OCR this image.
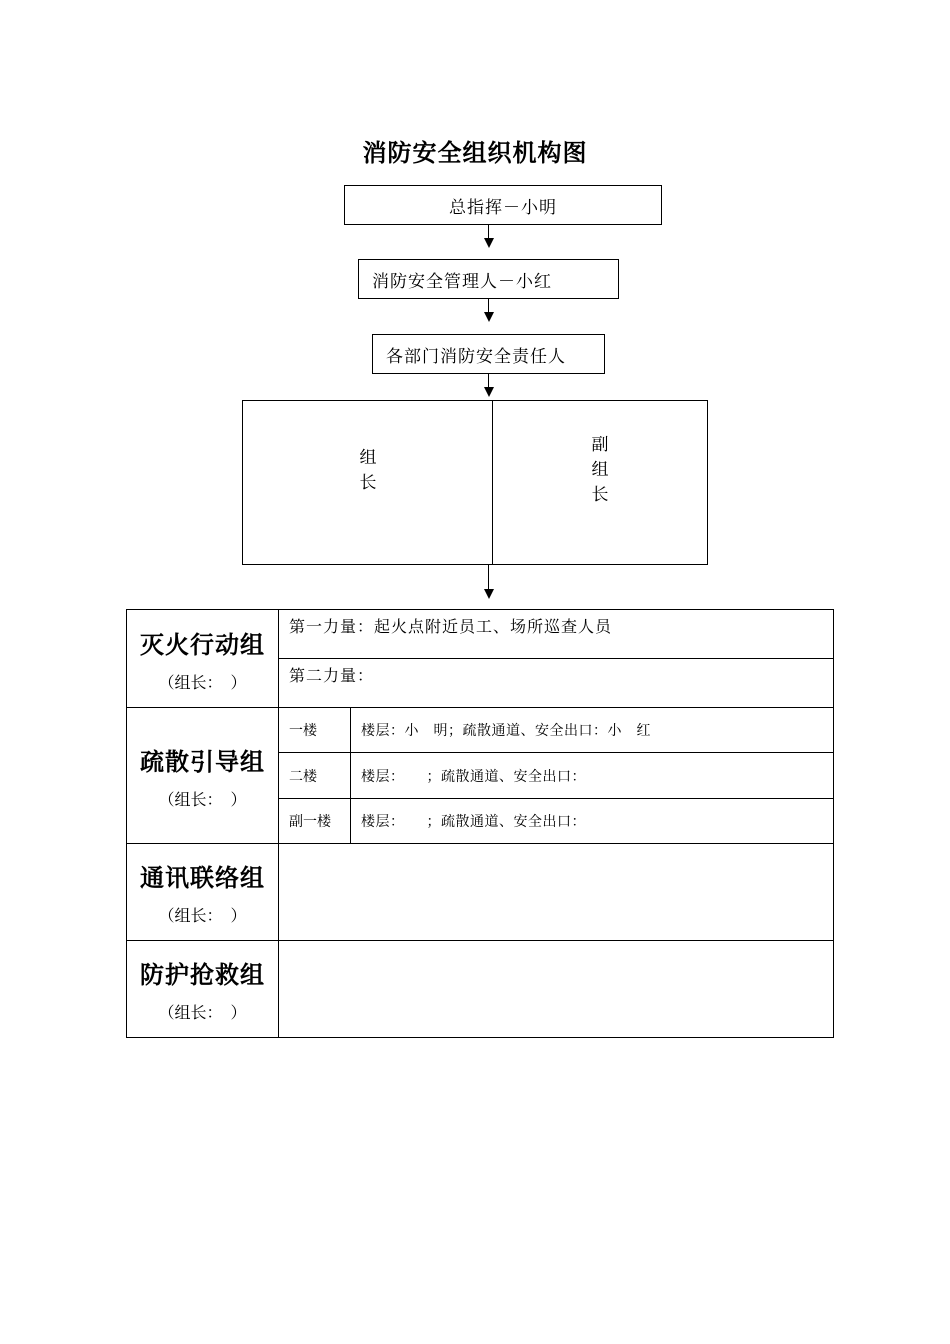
消防安全组织机构图
总指挥－小明
消防安全管理人－小红
各部门消防安全责任人
组
长
副
组
长
灭火行动组
（组长：　）	第一力量：起火点附近员工、场所巡查人员	
	第二力量：	

疏散引导组
（组长：　）	一楼	楼层：小　明；疏散通道、安全出口：小　红
	二楼	楼层：　　；疏散通道、安全出口：
	副一楼	楼层：　　；疏散通道、安全出口：

通讯联络组
（组长：　）		

防护抢救组
（组长：　）		
